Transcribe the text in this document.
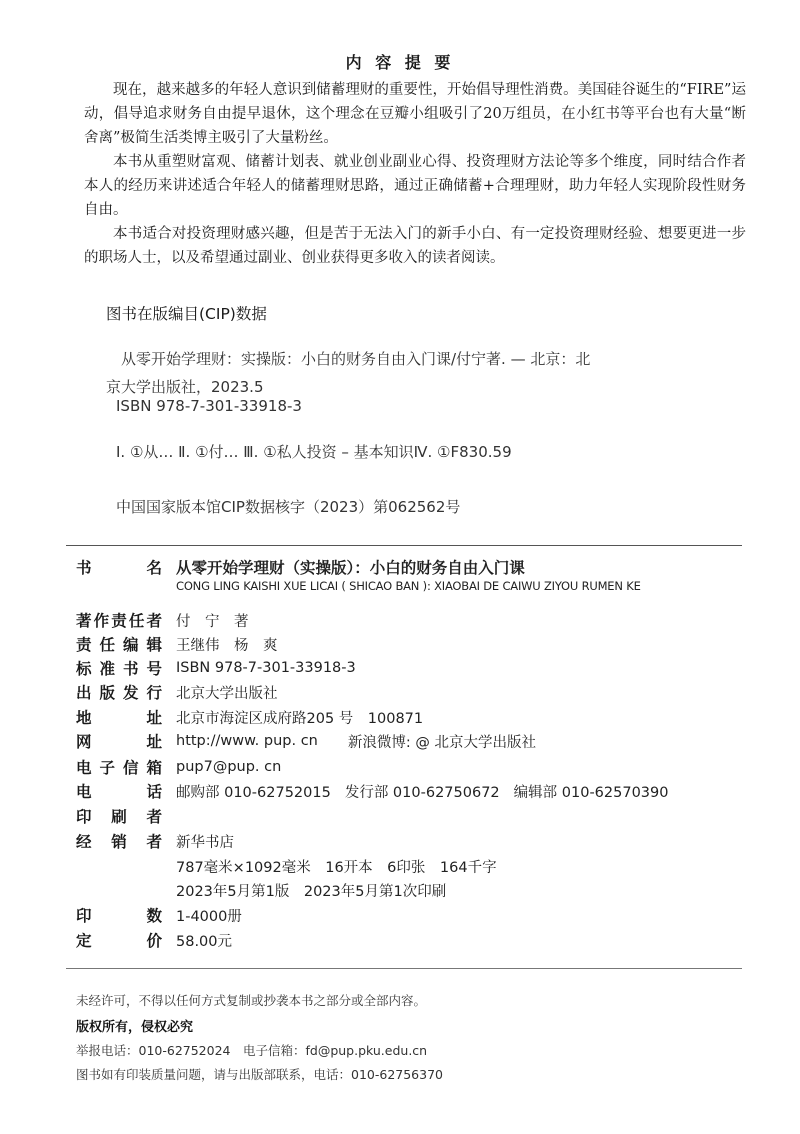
内 容 提 要

现在，越来越多的年轻人意识到储蓄理财的重要性，开始倡导理性消费。美国硅谷诞生的“FIRE”运动，倡导追求财务自由提早退休，这个理念在豆瓣小组吸引了20万组员，在小红书等平台也有大量“断舍离”极简生活类博主吸引了大量粉丝。

本书从重塑财富观、储蓄计划表、就业创业副业心得、投资理财方法论等多个维度，同时结合作者本人的经历来讲述适合年轻人的储蓄理财思路，通过正确储蓄+合理理财，助力年轻人实现阶段性财务自由。

本书适合对投资理财感兴趣，但是苦于无法入门的新手小白、有一定投资理财经验、想要更进一步的职场人士，以及希望通过副业、创业获得更多收入的读者阅读。

图书在版编目(CIP)数据
从零开始学理财：实操版：小白的财务自由入门课/付宁著. — 北京：北
京大学出版社，2023.5
ISBN 978-7-301-33918-3
Ⅰ. ①从… Ⅱ. ①付… Ⅲ. ①私人投资 – 基本知识Ⅳ. ①F830.59
中国国家版本馆CIP数据核字（2023）第062562号
书	名 从零开始学理财（实操版）：小白的财务自由入门课
CONG LING KAISHI XUE LICAI ( SHICAO BAN ): XIAOBAI DE CAIWU ZIYOU RUMEN KE
著 作 责 任 者 付　宁　著
责 任 编 辑 王继伟　杨　爽
标 准 书 号 ISBN 978-7-301-33918-3
出 版 发 行 北京大学出版社
地	址 北京市海淀区成府路205 号　100871
网	址 http://www. pup. cn 新浪微博: @ 北京大学出版社
电 子 信 箱 pup7@pup. cn
电	话 邮购部 010-62752015 发行部 010-62750672 编辑部 010-62570390
印 刷 者
经 销 者 新华书店
787毫米×1092毫米　16开本　6印张　164千字
2023年5月第1版　2023年5月第1次印刷
印	数 1-4000册
定	价 58.00元
未经许可，不得以任何方式复制或抄袭本书之部分或全部内容。
版权所有，侵权必究
举报电话：010-62752024　电子信箱：fd@pup.pku.edu.cn
图书如有印装质量问题，请与出版部联系，电话：010-62756370
